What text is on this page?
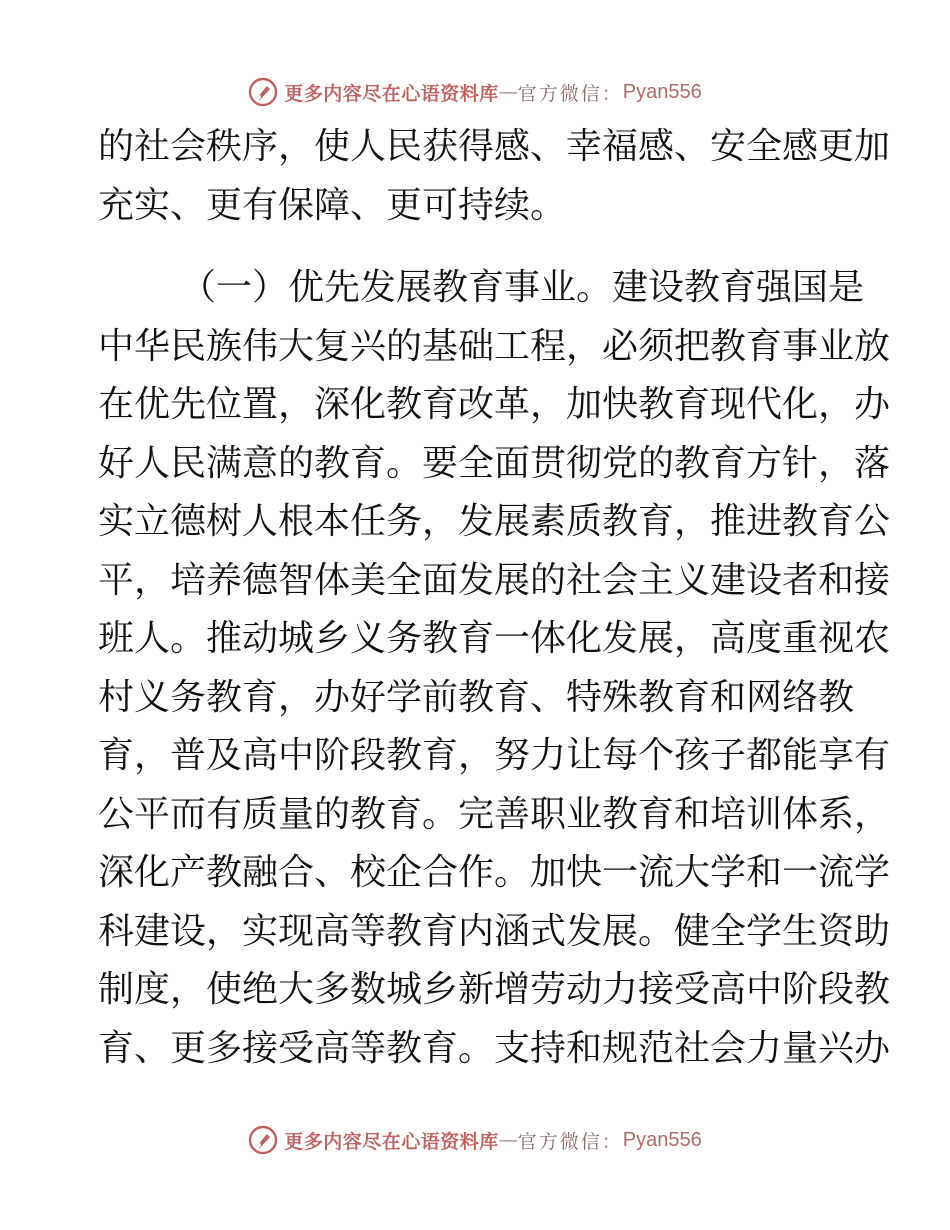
更多内容尽在心语资料库 — 官方微信： Pyan556
的社会秩序，使人民获得感、幸福感、安全感更加
充实、更有保障、更可持续。
（一）优先发展教育事业。建设教育强国是
中华民族伟大复兴的基础工程，必须把教育事业放
在优先位置，深化教育改革，加快教育现代化，办
好人民满意的教育。要全面贯彻党的教育方针，落
实立德树人根本任务，发展素质教育，推进教育公
平，培养德智体美全面发展的社会主义建设者和接
班人。推动城乡义务教育一体化发展，高度重视农
村义务教育，办好学前教育、特殊教育和网络教
育，普及高中阶段教育，努力让每个孩子都能享有
公平而有质量的教育。完善职业教育和培训体系，
深化产教融合、校企合作。加快一流大学和一流学
科建设，实现高等教育内涵式发展。健全学生资助
制度，使绝大多数城乡新增劳动力接受高中阶段教
育、更多接受高等教育。支持和规范社会力量兴办
更多内容尽在心语资料库 — 官方微信： Pyan556
